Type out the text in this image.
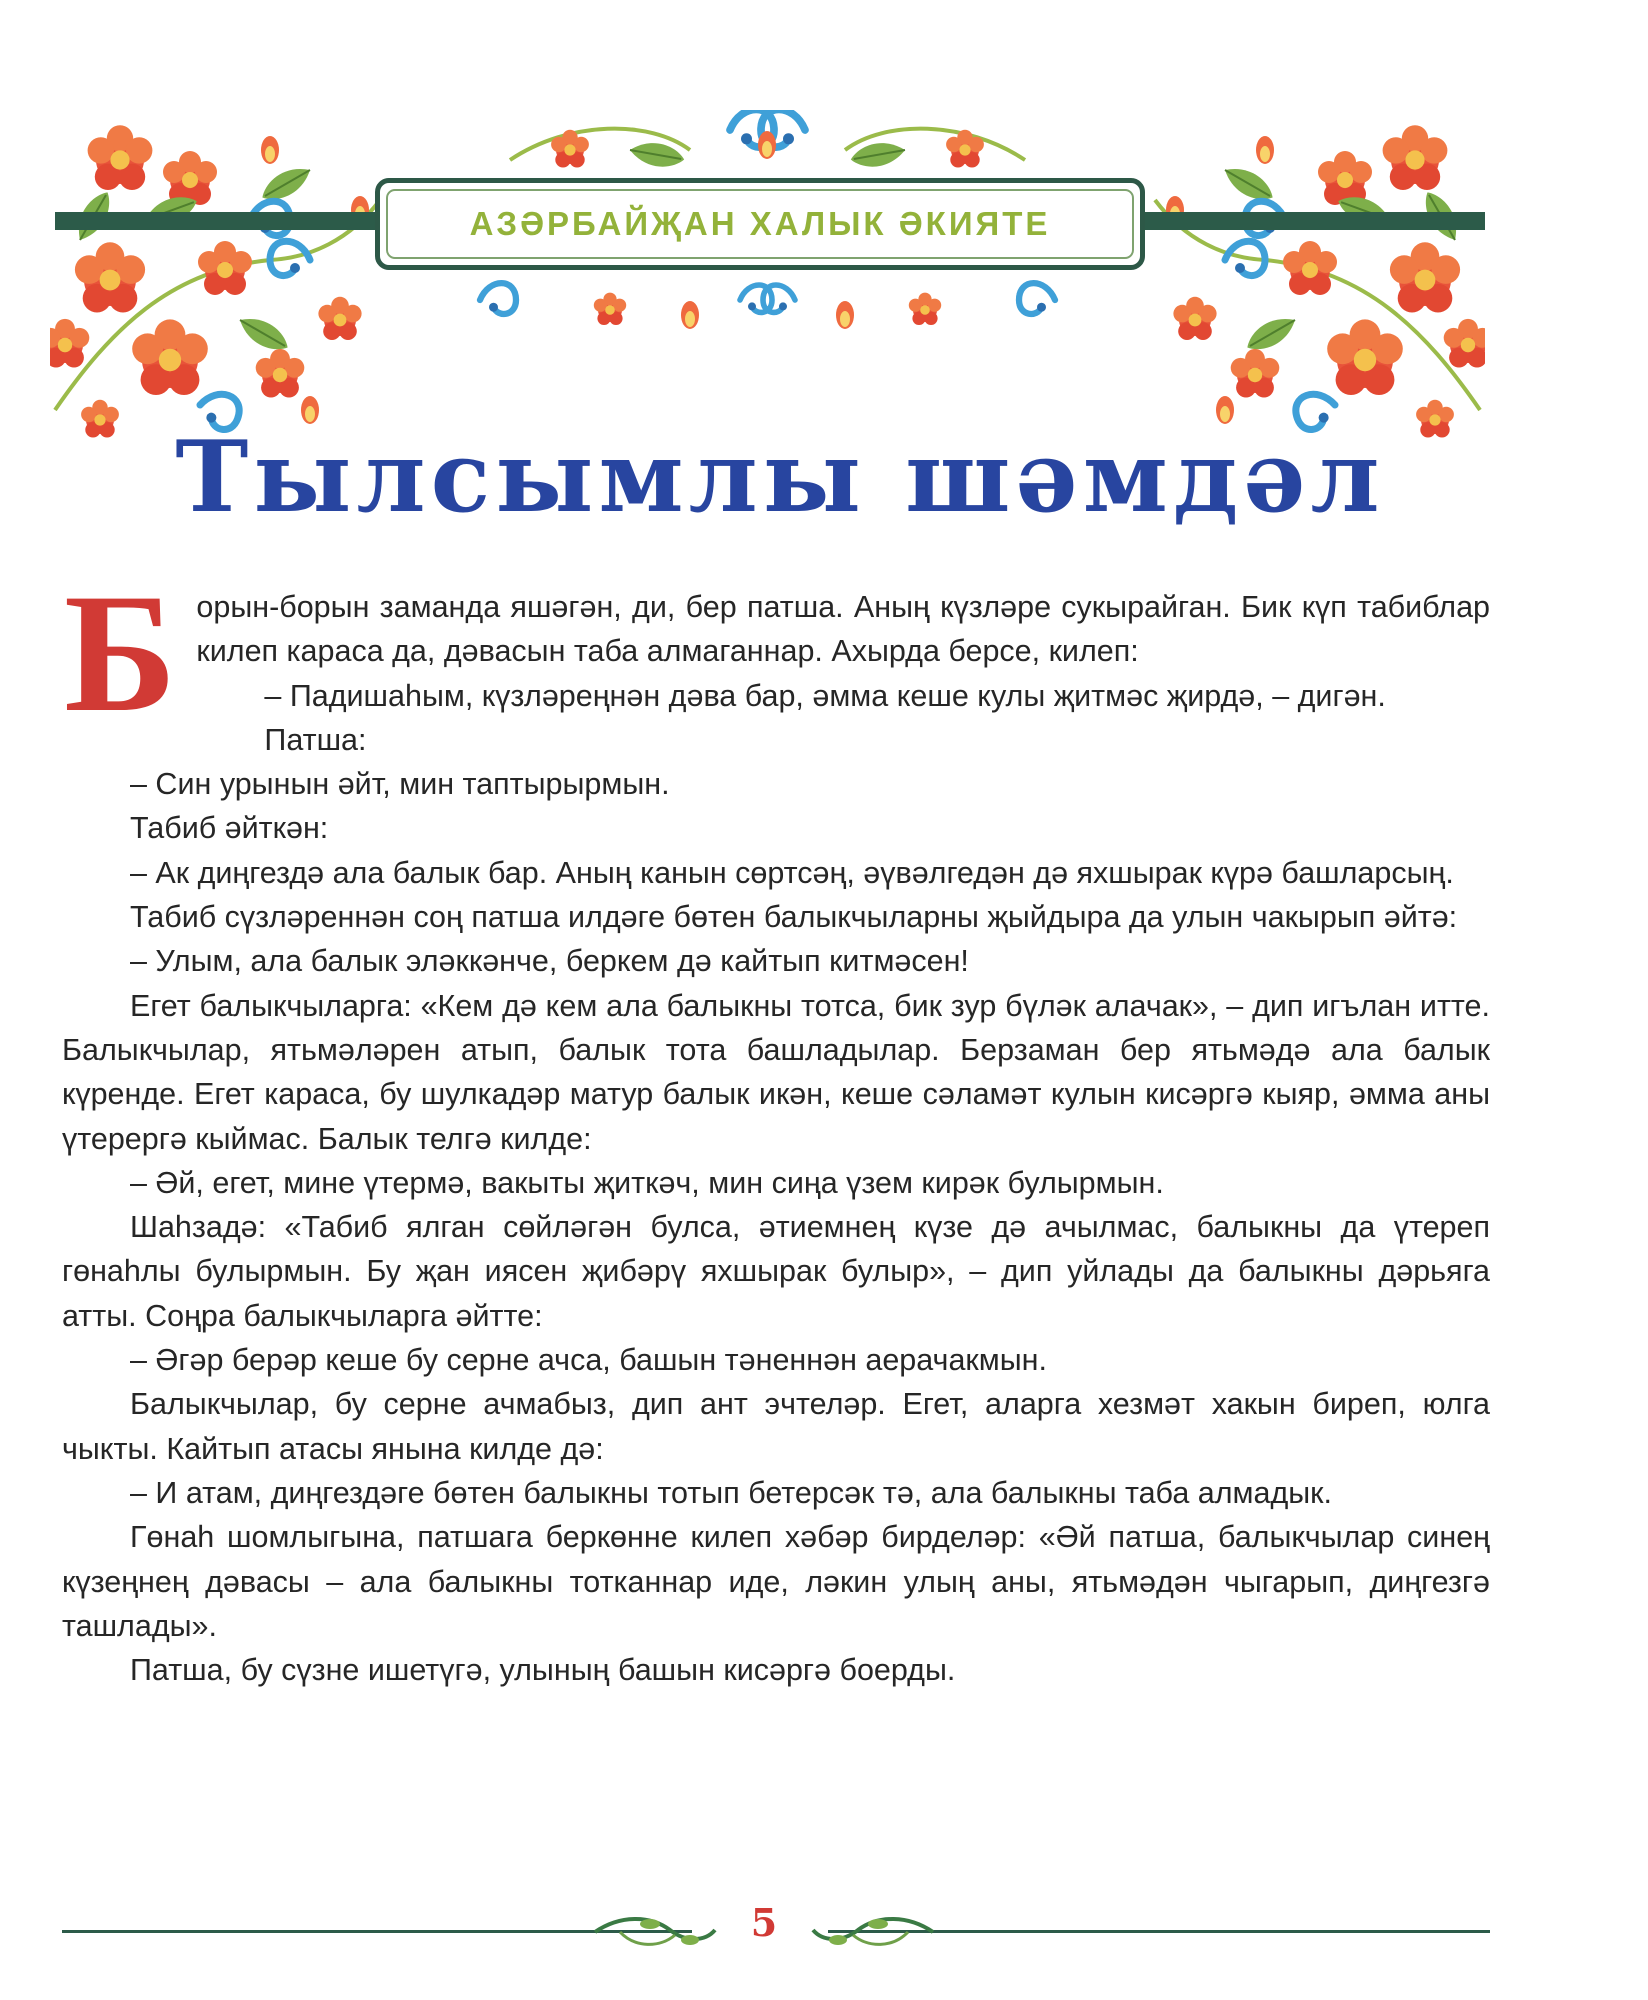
АЗӘРБАЙҖАН ХАЛЫК ӘКИЯТЕ
Тылсымлы шәмдәл

Борын-борын заманда яшәгән, ди, бер патша. Аның күзләре сукырайган. Бик күп табиблар килеп караса да, дәвасын таба алмаганнар. Ахырда берсе, килеп:

– Падишаһым, күзләреңнән дәва бар, әмма кеше кулы җитмәс җирдә, – дигән.

Патша:

– Син урынын әйт, мин таптырырмын.

Табиб әйткән:

– Ак диңгездә ала балык бар. Аның канын сөртсәң, әүвәлгедән дә яхшырак күрә башларсың.

Табиб сүзләреннән соң патша илдәге бөтен балыкчыларны җыйдыра да улын чакырып әйтә:

– Улым, ала балык эләккәнче, беркем дә кайтып китмәсен!

Егет балыкчыларга: «Кем дә кем ала балыкны тотса, бик зур бүләк алачак», – дип игълан итте. Балыкчылар, ятьмәләрен атып, балык тота башладылар. Берзаман бер ятьмәдә ала балык күренде. Егет караса, бу шулкадәр матур балык икән, кеше сәламәт кулын кисәргә кыяр, әмма аны үтерергә кыймас. Балык телгә килде:

– Әй, егет, мине үтермә, вакыты җиткәч, мин сиңа үзем кирәк булырмын.

Шаһзадә: «Табиб ялган сөйләгән булса, әтиемнең күзе дә ачылмас, балыкны да үтереп гөнаһлы булырмын. Бу җан иясен җибәрү яхшырак булыр», – дип уйлады да балыкны дәрьяга атты. Соңра балыкчыларга әйтте:

– Әгәр берәр кеше бу серне ачса, башын тәненнән аерачакмын.

Балыкчылар, бу серне ачмабыз, дип ант эчтеләр. Егет, аларга хезмәт хакын биреп, юлга чыкты. Кайтып атасы янына килде дә:

– И атам, диңгездәге бөтен балыкны тотып бетерсәк тә, ала балыкны таба алмадык.

Гөнаһ шомлыгына, патшага беркөнне килеп хәбәр бирделәр: «Әй патша, балыкчылар синең күзеңнең дәвасы – ала балыкны тотканнар иде, ләкин улың аны, ятьмәдән чыгарып, диңгезгә ташлады».

Патша, бу сүзне ишетүгә, улының башын кисәргә боерды.

5
